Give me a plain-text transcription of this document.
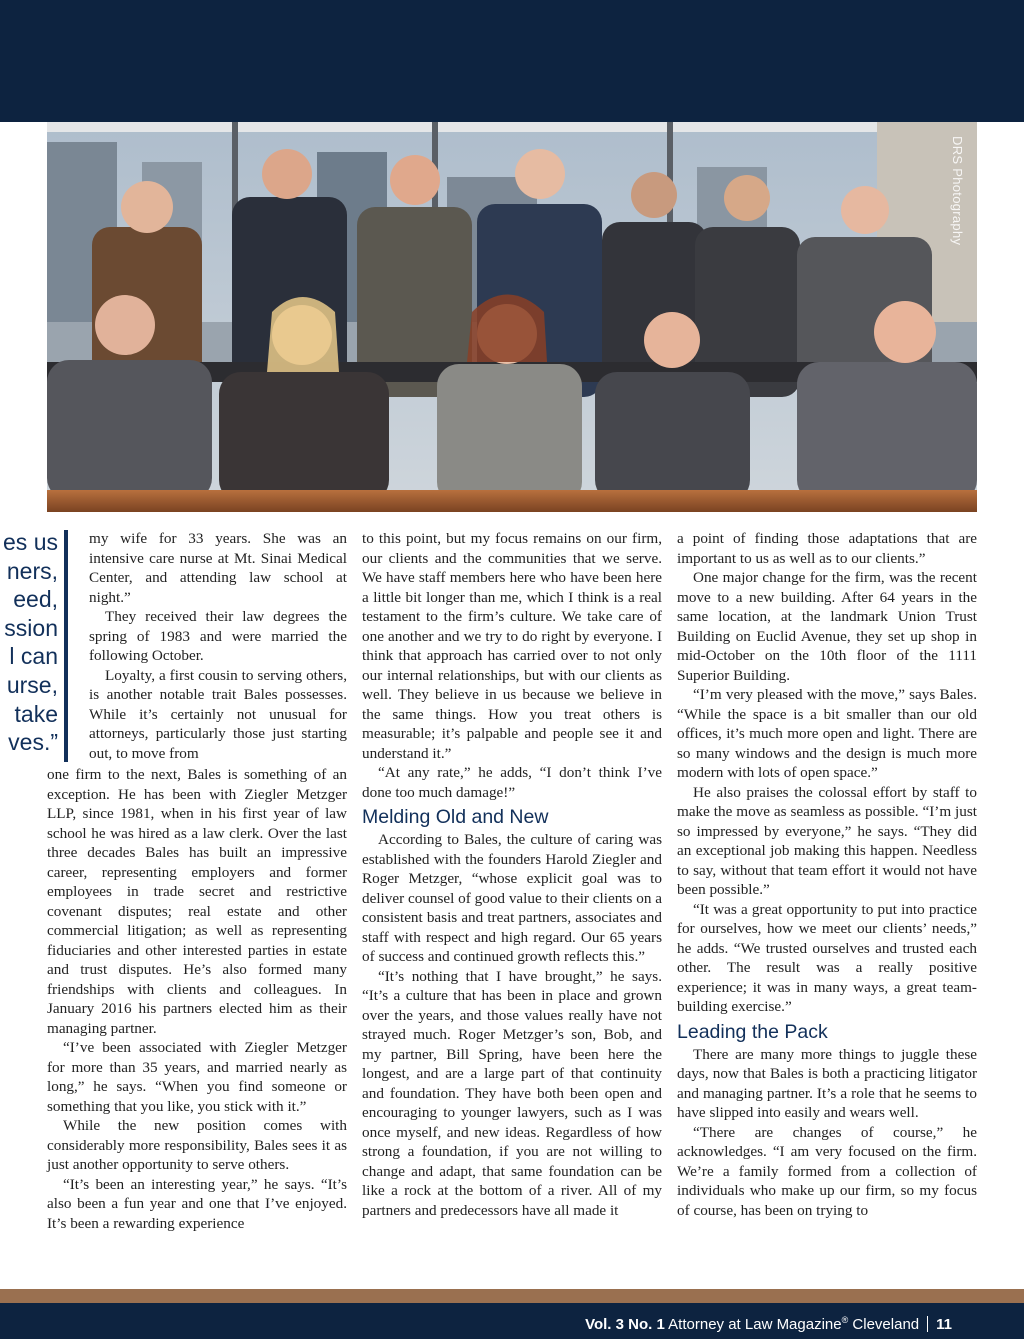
DRS Photography
es us
ners,
eed,
ssion
l can
urse,
take
ves.”

my wife for 33 years. She was an intensive care nurse at Mt. Sinai Medical Center, and attending law school at night.”

They received their law degrees the spring of 1983 and were married the following October.

Loyalty, a first cousin to serving others, is another notable trait Bales possesses. While it’s certainly not unusual for attorneys, particularly those just starting out, to move from

one firm to the next, Bales is something of an exception. He has been with Ziegler Metzger LLP, since 1981, when in his first year of law school he was hired as a law clerk. Over the last three decades Bales has built an impressive career, representing employers and former employees in trade secret and restrictive covenant disputes; real estate and other commercial litigation; as well as representing fiduciaries and other interested parties in estate and trust disputes. He’s also formed many friendships with clients and colleagues. In January 2016 his partners elected him as their managing partner.

“I’ve been associated with Ziegler Metzger for more than 35 years, and married nearly as long,” he says. “When you find someone or something that you like, you stick with it.”

While the new position comes with considerably more responsibility, Bales sees it as just another opportunity to serve others.

“It’s been an interesting year,” he says. “It’s also been a fun year and one that I’ve enjoyed. It’s been a rewarding experience

to this point, but my focus remains on our firm, our clients and the communities that we serve. We have staff members here who have been here a little bit longer than me, which I think is a real testament to the firm’s culture. We take care of one another and we try to do right by everyone. I think that approach has carried over to not only our internal relationships, but with our clients as well. They believe in us because we believe in the same things. How you treat others is measurable; it’s palpable and people see it and understand it.”

“At any rate,” he adds, “I don’t think I’ve done too much damage!”

Melding Old and New

According to Bales, the culture of caring was established with the founders Harold Ziegler and Roger Metzger, “whose explicit goal was to deliver counsel of good value to their clients on a consistent basis and treat partners, associates and staff with respect and high regard. Our 65 years of success and continued growth reflects this.”

“It’s nothing that I have brought,” he says. “It’s a culture that has been in place and grown over the years, and those values really have not strayed much. Roger Metzger’s son, Bob, and my partner, Bill Spring, have been here the longest, and are a large part of that continuity and foundation. They have both been open and encouraging to younger lawyers, such as I was once myself, and new ideas. Regardless of how strong a foundation, if you are not willing to change and adapt, that same foundation can be like a rock at the bottom of a river. All of my partners and predecessors have all made it

a point of finding those adaptations that are important to us as well as to our clients.”

One major change for the firm, was the recent move to a new building. After 64 years in the same location, at the landmark Union Trust Building on Euclid Avenue, they set up shop in mid-October on the 10th floor of the 1111 Superior Building.

“I’m very pleased with the move,” says Bales. “While the space is a bit smaller than our old offices, it’s much more open and light. There are so many windows and the design is much more modern with lots of open space.”

He also praises the colossal effort by staff to make the move as seamless as possible. “I’m just so impressed by everyone,” he says. “They did an exceptional job making this happen. Needless to say, without that team effort it would not have been possible.”

“It was a great opportunity to put into practice for ourselves, how we meet our clients’ needs,” he adds. “We trusted ourselves and trusted each other. The result was a really positive experience; it was in many ways, a great team-building exercise.”

Leading the Pack

There are many more things to juggle these days, now that Bales is both a practicing litigator and managing partner. It’s a role that he seems to have slipped into easily and wears well.

“There are changes of course,” he acknowledges. “I am very focused on the firm. We’re a family formed from a collection of individuals who make up our firm, so my focus of course, has been on trying to

Vol. 3 No. 1 Attorney at Law Magazine® Cleveland 11
